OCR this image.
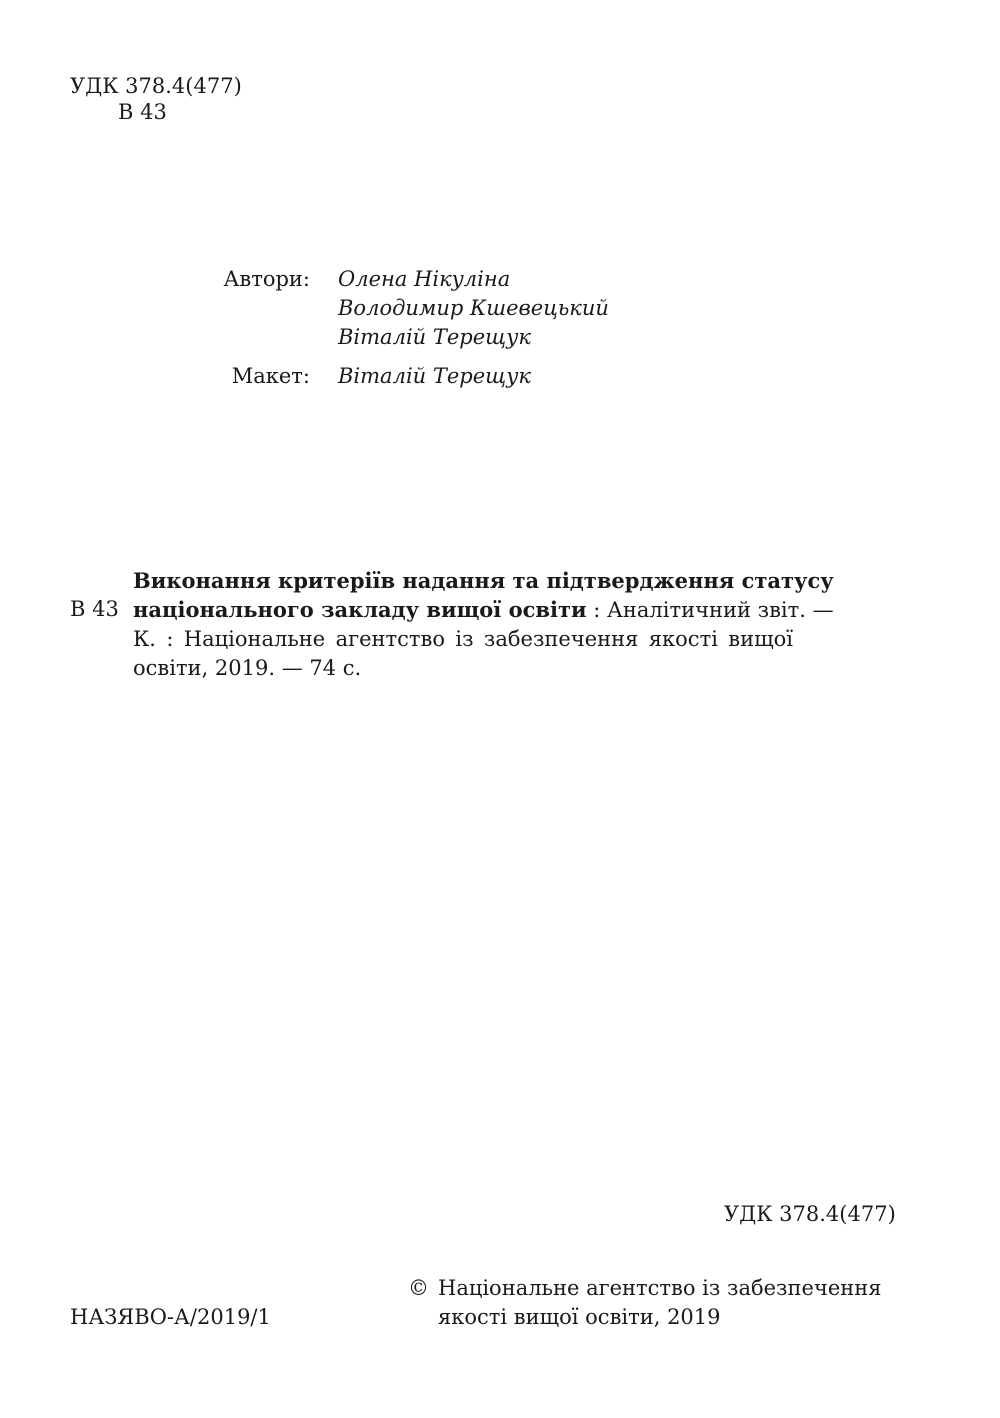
УДК 378.4(477)
В 43
Автори:	Олена Нікуліна
Володимир Кшевецький
Віталій Терещук
Макет:	Віталій Терещук
В 43
Виконання критеріїв надання та підтвердження статусу
національного закладу вищої освіти : Аналітичний звіт. —
К. : Національне агентство із забезпечення якості вищої
освіти, 2019. — 74 с.
УДК 378.4(477)
НАЗЯВО-А/2019/1
© Національне агентство із забезпечення
якості вищої освіти, 2019
